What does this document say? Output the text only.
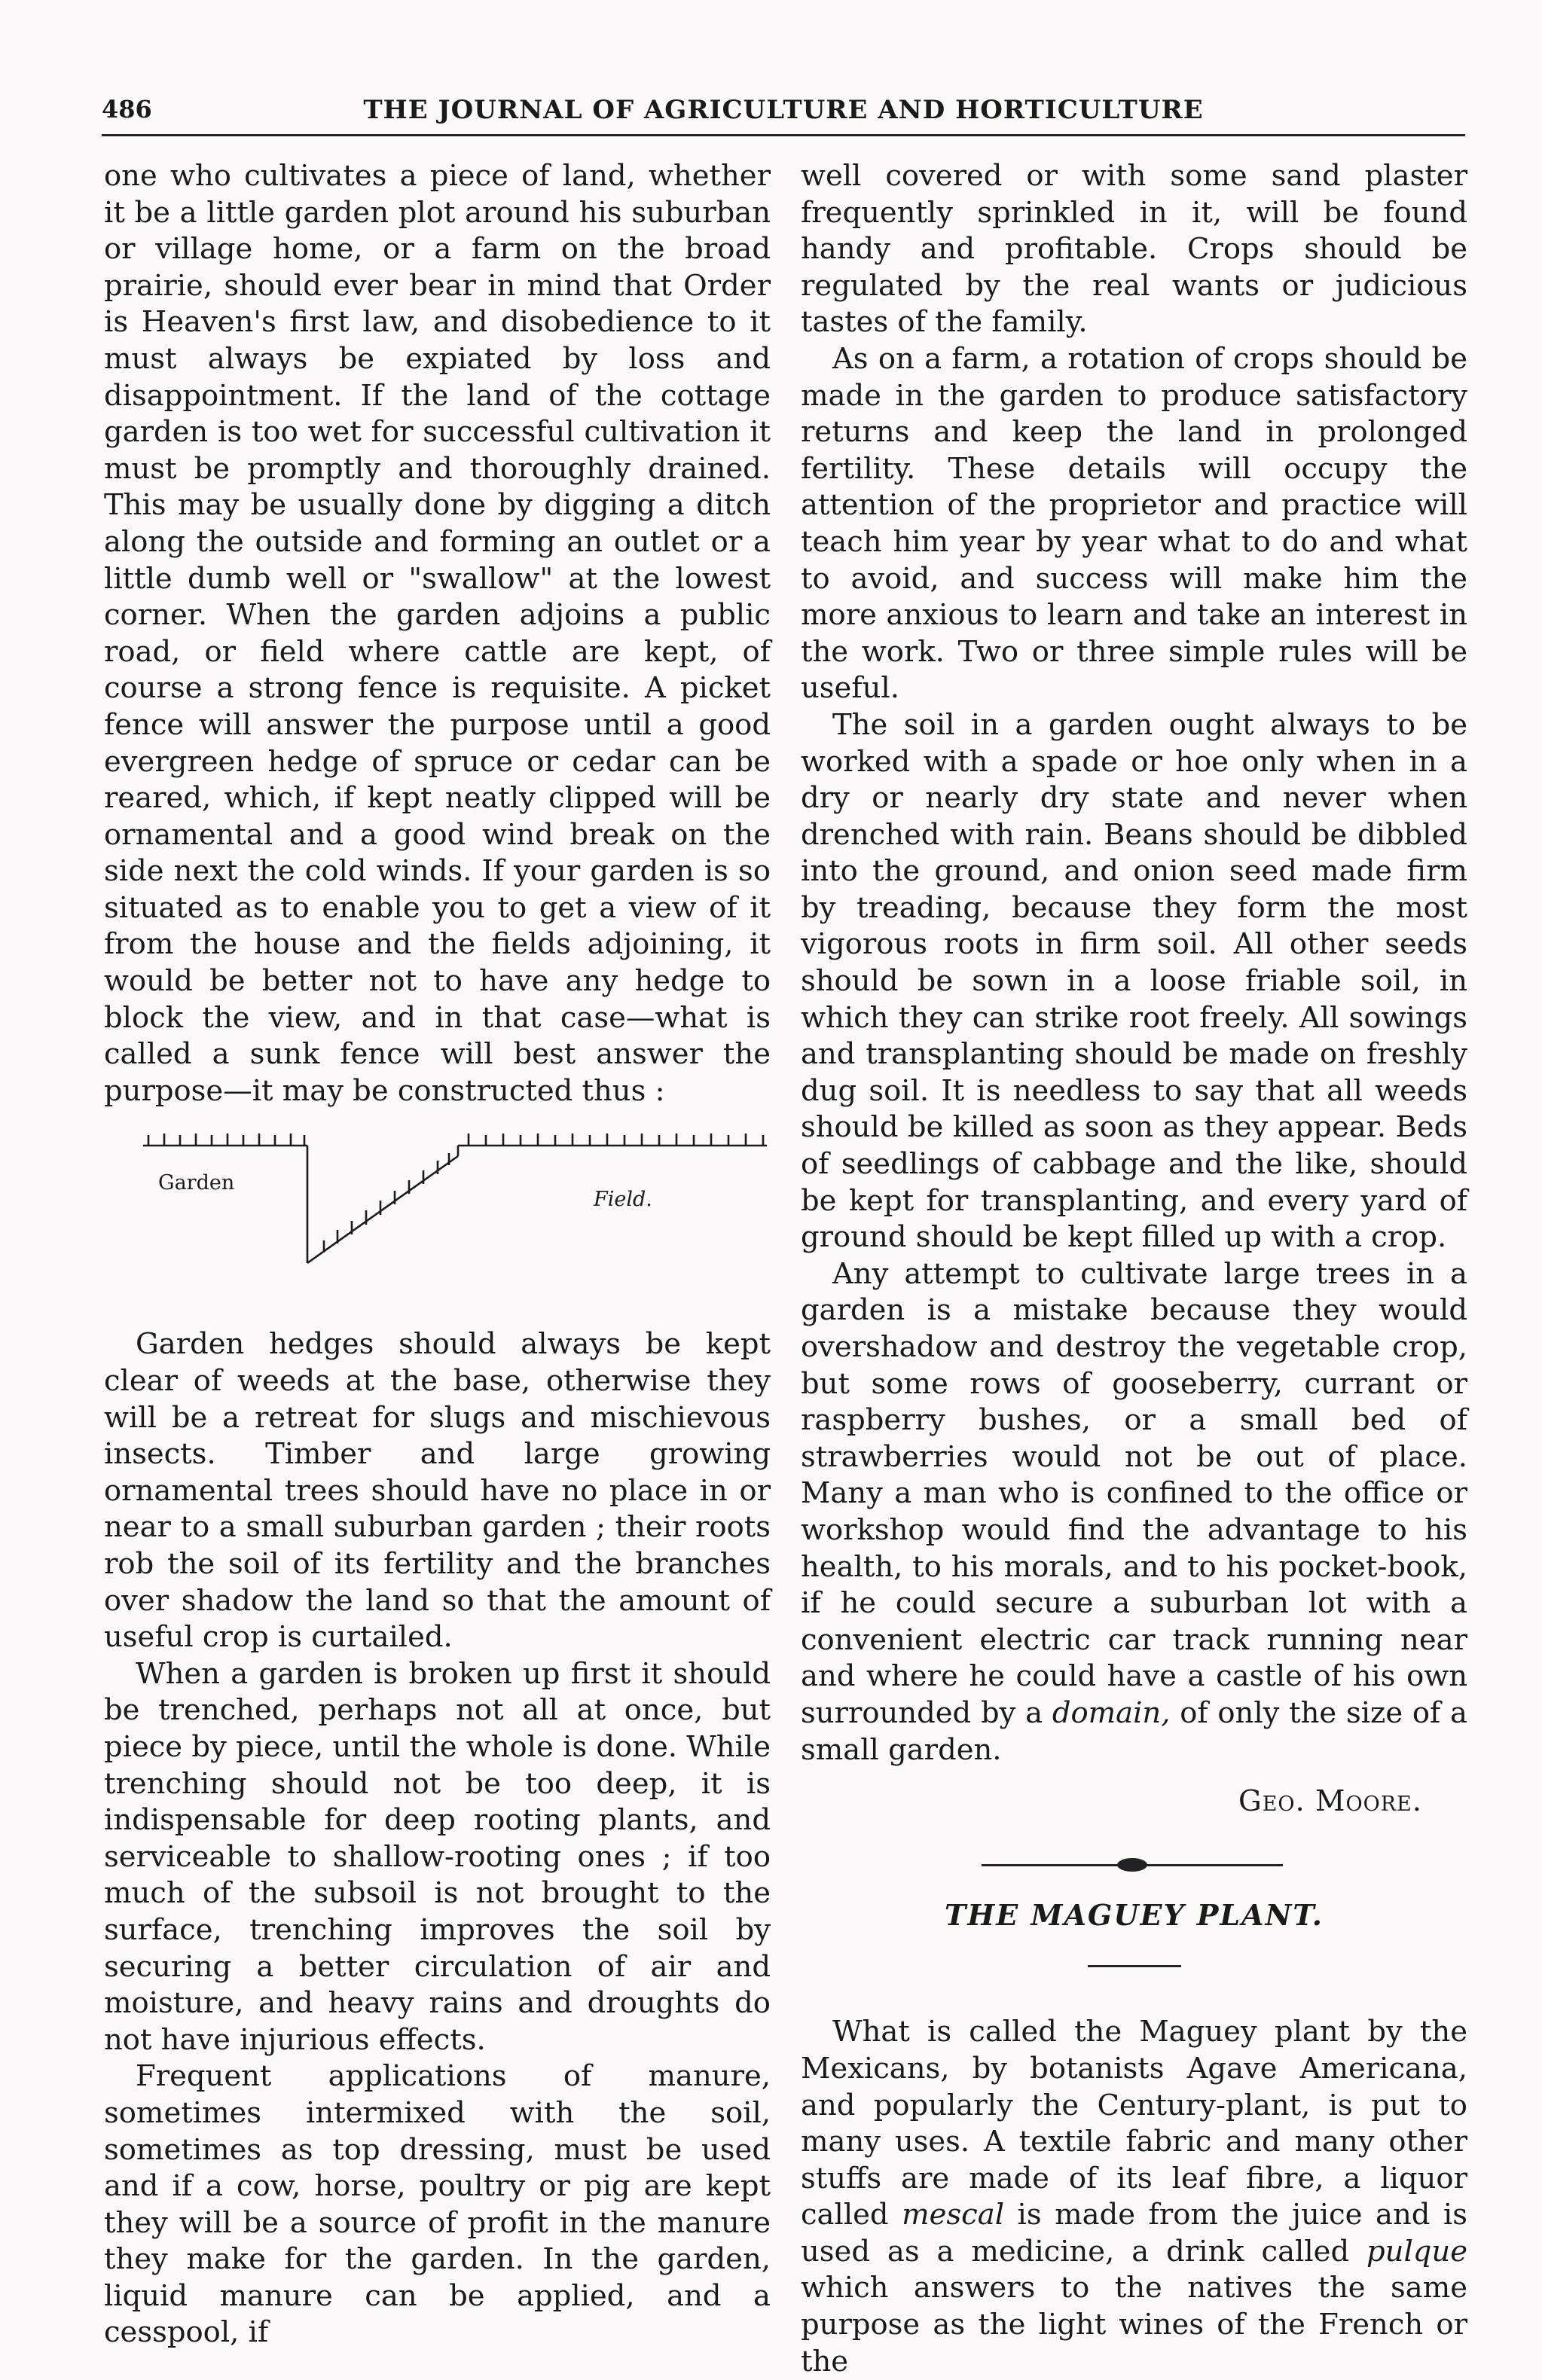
486	THE JOURNAL OF AGRICULTURE AND HORTICULTURE

one who cultivates a piece of land, whether it be a little garden plot around his suburban or village home, or a farm on the broad prairie, should ever bear in mind that Order is Heaven's first law, and disobedience to it must always be expiated by loss and disappointment. If the land of the cottage garden is too wet for successful cultivation it must be promptly and thoroughly drained. This may be usually done by digging a ditch along the outside and forming an outlet or a little dumb well or "swallow" at the lowest corner. When the garden adjoins a public road, or field where cattle are kept, of course a strong fence is requisite. A picket fence will answer the purpose until a good evergreen hedge of spruce or cedar can be reared, which, if kept neatly clipped will be ornamental and a good wind break on the side next the cold winds. If your garden is so situated as to enable you to get a view of it from the house and the fields adjoining, it would be better not to have any hedge to block the view, and in that case—what is called a sunk fence will best answer the purpose—it may be constructed thus :

Garden
Field.

Garden hedges should always be kept clear of weeds at the base, otherwise they will be a retreat for slugs and mischievous insects. Timber and large growing ornamental trees should have no place in or near to a small suburban garden ; their roots rob the soil of its fertility and the branches over shadow the land so that the amount of useful crop is curtailed.

When a garden is broken up first it should be trenched, perhaps not all at once, but piece by piece, until the whole is done. While trenching should not be too deep, it is indispensable for deep rooting plants, and serviceable to shallow-rooting ones ; if too much of the subsoil is not brought to the surface, trenching improves the soil by securing a better circulation of air and moisture, and heavy rains and droughts do not have injurious effects.

Frequent applications of manure, sometimes intermixed with the soil, sometimes as top dressing, must be used and if a cow, horse, poultry or pig are kept they will be a source of profit in the manure they make for the garden. In the garden, liquid manure can be applied, and a cesspool, if

well covered or with some sand plaster frequently sprinkled in it, will be found handy and profitable. Crops should be regulated by the real wants or judicious tastes of the family.

As on a farm, a rotation of crops should be made in the garden to produce satisfactory returns and keep the land in prolonged fertility. These details will occupy the attention of the proprietor and practice will teach him year by year what to do and what to avoid, and success will make him the more anxious to learn and take an interest in the work. Two or three simple rules will be useful.

The soil in a garden ought always to be worked with a spade or hoe only when in a dry or nearly dry state and never when drenched with rain. Beans should be dibbled into the ground, and onion seed made firm by treading, because they form the most vigorous roots in firm soil. All other seeds should be sown in a loose friable soil, in which they can strike root freely. All sowings and transplanting should be made on freshly dug soil. It is needless to say that all weeds should be killed as soon as they appear. Beds of seedlings of cabbage and the like, should be kept for transplanting, and every yard of ground should be kept filled up with a crop.

Any attempt to cultivate large trees in a garden is a mistake because they would overshadow and destroy the vegetable crop, but some rows of gooseberry, currant or raspberry bushes, or a small bed of strawberries would not be out of place. Many a man who is confined to the office or workshop would find the advantage to his health, to his morals, and to his pocket-book, if he could secure a suburban lot with a convenient electric car track running near and where he could have a castle of his own surrounded by a domain, of only the size of a small garden.

Geo. Moore.
THE MAGUEY PLANT.

What is called the Maguey plant by the Mexicans, by botanists Agave Americana, and popularly the Century-plant, is put to many uses. A textile fabric and many other stuffs are made of its leaf fibre, a liquor called mescal is made from the juice and is used as a medicine, a drink called pulque which answers to the natives the same purpose as the light wines of the French or the
